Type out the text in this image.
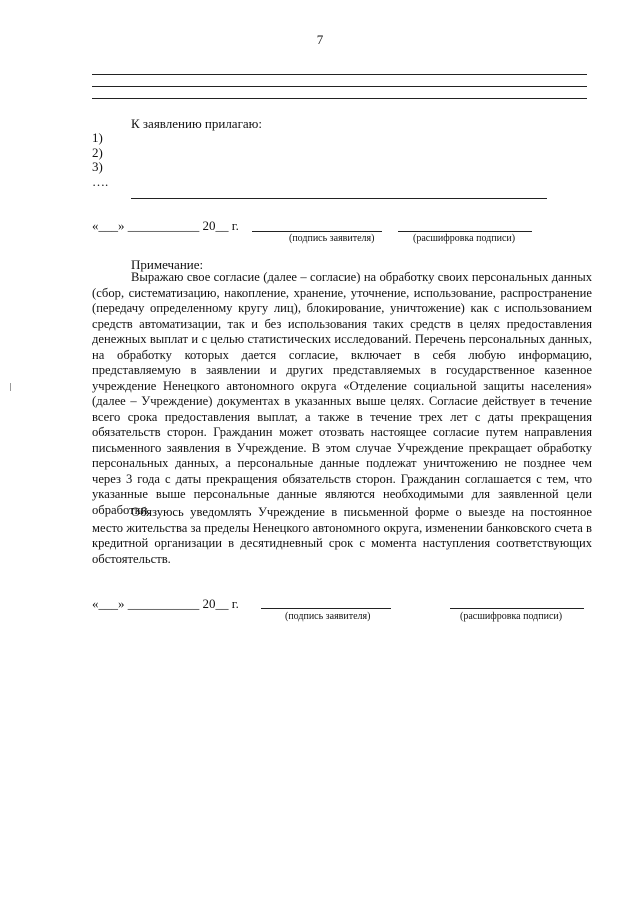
7
К заявлению прилагаю:
1)
2)
3)
….
«___» ___________ 20__ г.
(подпись заявителя)	(расшифровка подписи)
Примечание:

Выражаю свое согласие (далее – согласие) на обработку своих персональных данных (сбор, систематизацию, накопление, хранение, уточнение, использование, распространение (передачу определенному кругу лиц), блокирование, уничтожение) как с использованием средств автоматизации, так и без использования таких средств в целях предоставления денежных выплат и с целью статистических исследований. Перечень персональных данных, на обработку которых дается согласие, включает в себя любую информацию, представляемую в заявлении и других представляемых в государственное казенное учреждение Ненецкого автономного округа «Отделение социальной защиты населения» (далее – Учреждение) документах в указанных выше целях. Согласие действует в течение всего срока предоставления выплат, а также в течение трех лет с даты прекращения обязательств сторон. Гражданин может отозвать настоящее согласие путем направления письменного заявления в Учреждение. В этом случае Учреждение прекращает обработку персональных данных, а персональные данные подлежат уничтожению не позднее чем через 3 года с даты прекращения обязательств сторон. Гражданин соглашается с тем, что указанные выше персональные данные являются необходимыми для заявленной цели обработки.

Обязуюсь уведомлять Учреждение в письменной форме о выезде на постоянное место жительства за пределы Ненецкого автономного округа, изменении банковского счета в кредитной организации в десятидневный срок с момента наступления соответствующих обстоятельств.

«___» ___________ 20__ г.
(подпись заявителя)	(расшифровка подписи)
